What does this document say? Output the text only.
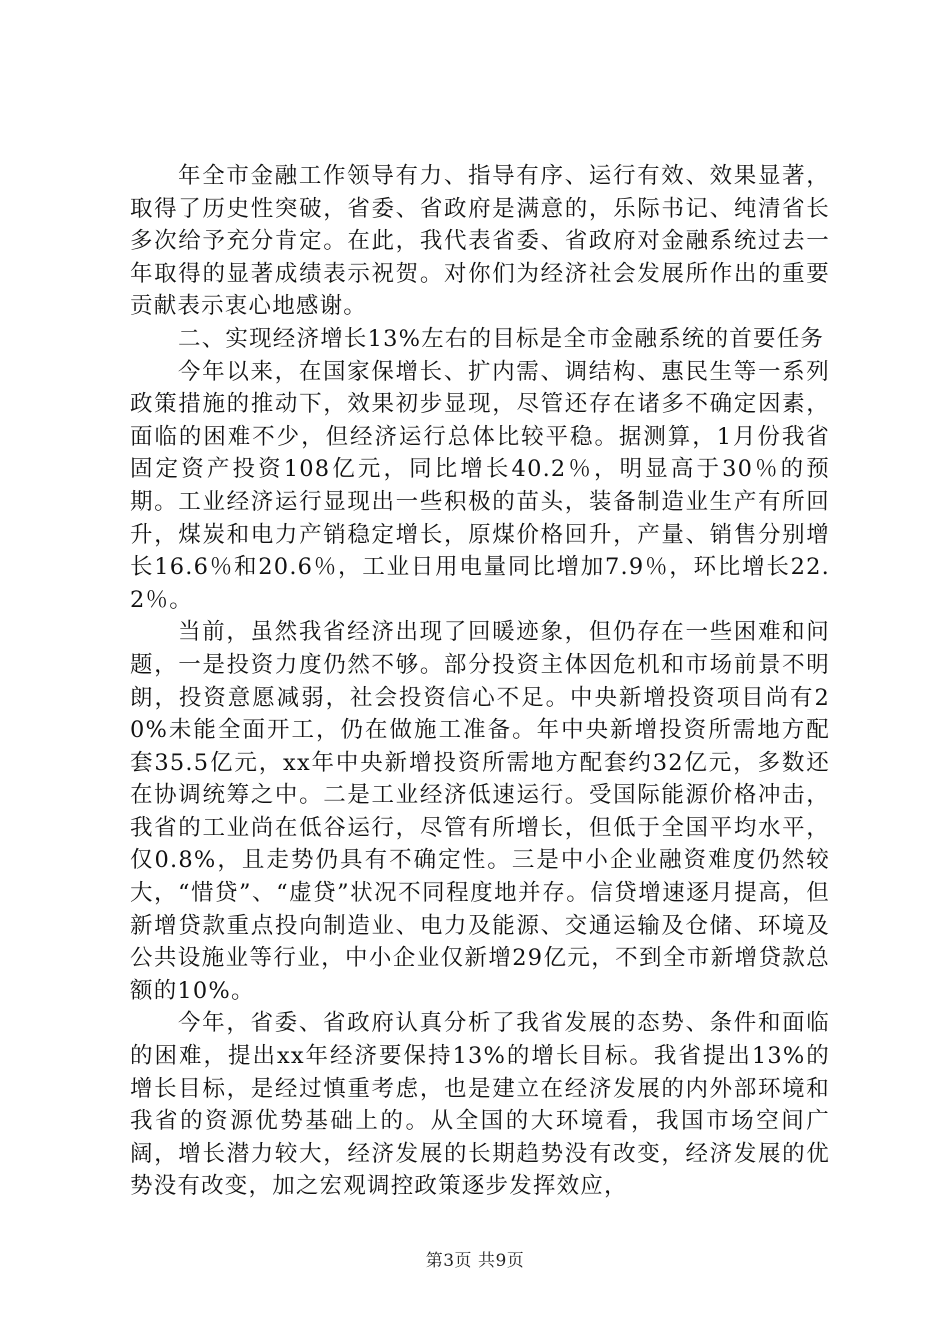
年全市金融工作领导有力、指导有序、运行有效、效果显著，取得了历史性突破，省委、省政府是满意的，乐际书记、纯清省长多次给予充分肯定。在此，我代表省委、省政府对金融系统过去一年取得的显著成绩表示祝贺。对你们为经济社会发展所作出的重要贡献表示衷心地感谢。

二、实现经济增长13%左右的目标是全市金融系统的首要任务

今年以来，在国家保增长、扩内需、调结构、惠民生等一系列政策措施的推动下，效果初步显现，尽管还存在诸多不确定因素，面临的困难不少，但经济运行总体比较平稳。据测算，1月份我省固定资产投资108亿元，同比增长40.2％，明显高于30％的预期。工业经济运行显现出一些积极的苗头，装备制造业生产有所回升，煤炭和电力产销稳定增长，原煤价格回升，产量、销售分别增长16.6％和20.6％，工业日用电量同比增加7.9％，环比增长22.2％。

当前，虽然我省经济出现了回暖迹象，但仍存在一些困难和问题，一是投资力度仍然不够。部分投资主体因危机和市场前景不明朗，投资意愿减弱，社会投资信心不足。中央新增投资项目尚有20%未能全面开工，仍在做施工准备。年中央新增投资所需地方配套35.5亿元，xx年中央新增投资所需地方配套约32亿元，多数还在协调统筹之中。二是工业经济低速运行。受国际能源价格冲击，我省的工业尚在低谷运行，尽管有所增长，但低于全国平均水平，仅0.8%，且走势仍具有不确定性。三是中小企业融资难度仍然较大，“惜贷”、“虚贷”状况不同程度地并存。信贷增速逐月提高，但新增贷款重点投向制造业、电力及能源、交通运输及仓储、环境及公共设施业等行业，中小企业仅新增29亿元，不到全市新增贷款总额的10%。

今年，省委、省政府认真分析了我省发展的态势、条件和面临的困难，提出xx年经济要保持13%的增长目标。我省提出13%的增长目标，是经过慎重考虑，也是建立在经济发展的内外部环境和我省的资源优势基础上的。从全国的大环境看，我国市场空间广阔，增长潜力较大，经济发展的长期趋势没有改变，经济发展的优势没有改变，加之宏观调控政策逐步发挥效应，

第3页 共9页
